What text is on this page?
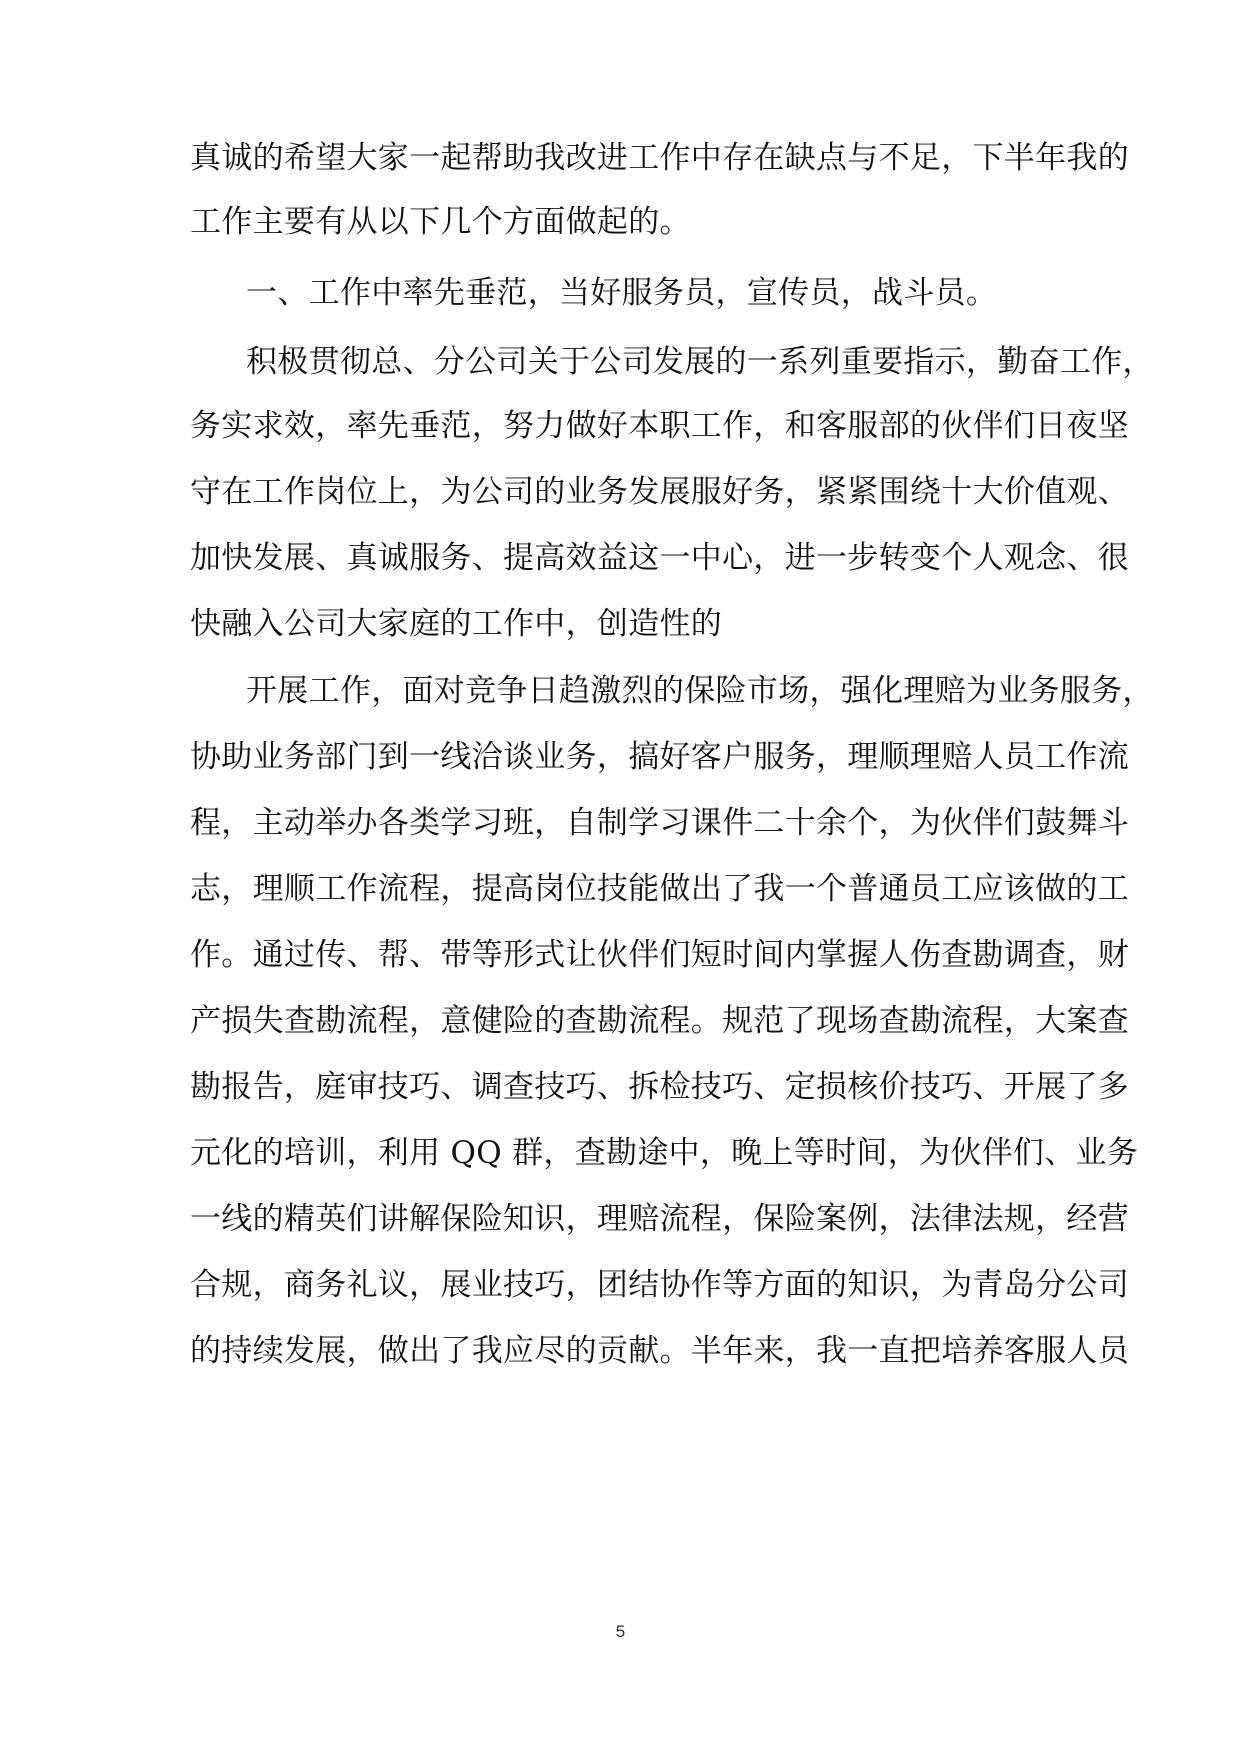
真诚的希望大家一起帮助我改进工作中存在缺点与不足，下半年我的
工作主要有从以下几个方面做起的。
一、工作中率先垂范，当好服务员，宣传员，战斗员。
积极贯彻总、分公司关于公司发展的一系列重要指示，勤奋工作，
务实求效，率先垂范，努力做好本职工作，和客服部的伙伴们日夜坚
守在工作岗位上，为公司的业务发展服好务，紧紧围绕十大价值观、
加快发展、真诚服务、提高效益这一中心，进一步转变个人观念、很
快融入公司大家庭的工作中，创造性的
开展工作，面对竞争日趋激烈的保险市场，强化理赔为业务服务，
协助业务部门到一线洽谈业务，搞好客户服务，理顺理赔人员工作流
程，主动举办各类学习班，自制学习课件二十余个，为伙伴们鼓舞斗
志，理顺工作流程，提高岗位技能做出了我一个普通员工应该做的工
作。通过传、帮、带等形式让伙伴们短时间内掌握人伤查勘调查，财
产损失查勘流程，意健险的查勘流程。规范了现场查勘流程，大案查
勘报告，庭审技巧、调查技巧、拆检技巧、定损核价技巧、开展了多
元化的培训，利用 QQ 群，查勘途中，晚上等时间，为伙伴们、业务
一线的精英们讲解保险知识，理赔流程，保险案例，法律法规，经营
合规，商务礼议，展业技巧，团结协作等方面的知识，为青岛分公司
的持续发展，做出了我应尽的贡献。半年来，我一直把培养客服人员
5
